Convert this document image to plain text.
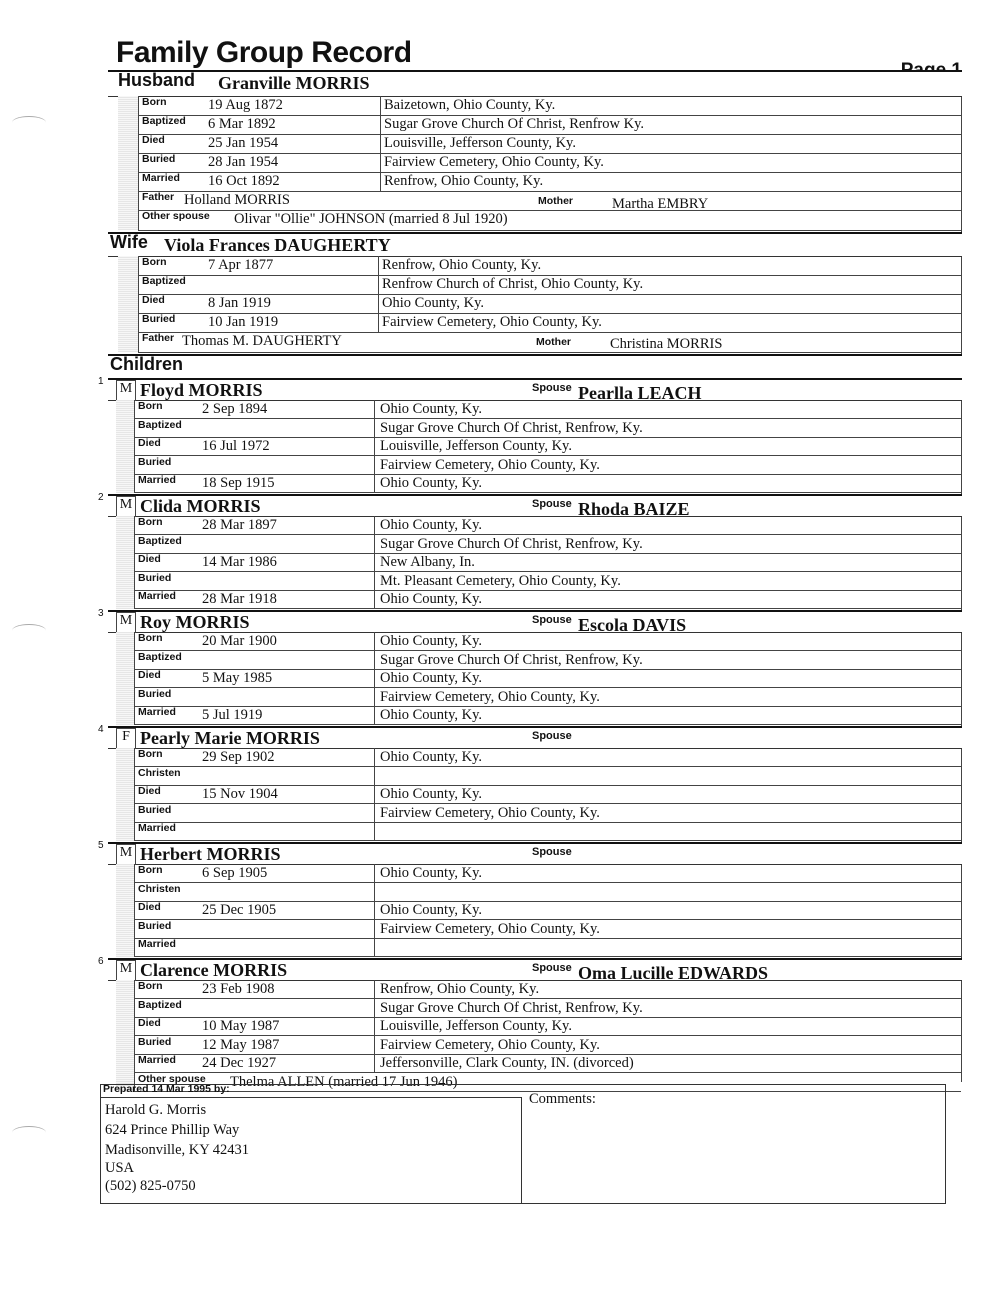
Family Group Record
Husband Granville MORRIS
Born	19 Aug 1872	Baizetown, Ohio County, Ky.
Baptized 6 Mar 1892	Sugar Grove Church Of Christ, Renfrow Ky.
Died	25 Jan 1954	Louisville, Jefferson County, Ky.
Buried 28 Jan 1954	Fairview Cemetery, Ohio County, Ky.
Married 16 Oct 1892	Renfrow, Ohio County, Ky.
Father Holland MORRIS	Mother	Martha EMBRY
Other spouse Olivar "Ollie" JOHNSON (married 8 Jul 1920)
Wife Viola Frances DAUGHERTY
Born	7 Apr 1877	Renfrow, Ohio County, Ky.
Baptized	Renfrow Church of Christ, Ohio County, Ky.
Died	8 Jan 1919	Ohio County, Ky.
Buried 10 Jan 1919	Fairview Cemetery, Ohio County, Ky.
Father Thomas M. DAUGHERTY	Mother	Christina MORRIS
Children
1 M Floyd MORRIS	Spouse Pearlla LEACH
Born	2 Sep 1894	Ohio County, Ky.
Baptized	Sugar Grove Church Of Christ, Renfrow, Ky.
Died	16 Jul 1972	Louisville, Jefferson County, Ky.
Buried	Fairview Cemetery, Ohio County, Ky.
Married 18 Sep 1915	Ohio County, Ky.
2 M Clida MORRIS	Spouse Rhoda BAIZE
Born	28 Mar 1897	Ohio County, Ky.
Baptized	Sugar Grove Church Of Christ, Renfrow, Ky.
Died	14 Mar 1986	New Albany, In.
Buried	Mt. Pleasant Cemetery, Ohio County, Ky.
Married 28 Mar 1918	Ohio County, Ky.
3 M Roy MORRIS	Spouse Escola DAVIS
Born	20 Mar 1900	Ohio County, Ky.
Baptized	Sugar Grove Church Of Christ, Renfrow, Ky.
Died	5 May 1985	Ohio County, Ky.
Buried	Fairview Cemetery, Ohio County, Ky.
Married 5 Jul 1919	Ohio County, Ky.
4	F Pearly Marie MORRIS	Spouse
Born	29 Sep 1902	Ohio County, Ky.
Christen
Died	15 Nov 1904	Ohio County, Ky.
Buried	Fairview Cemetery, Ohio County, Ky.
Married
5 M Herbert MORRIS	Spouse
Born	6 Sep 1905	Ohio County, Ky.
Christen
Died	25 Dec 1905	Ohio County, Ky.
Buried	Fairview Cemetery, Ohio County, Ky.
Married
6 M Clarence MORRIS	Spouse Oma Lucille EDWARDS
Born	23 Feb 1908	Renfrow, Ohio County, Ky.
Baptized	Sugar Grove Church Of Christ, Renfrow, Ky.
Died	10 May 1987	Louisville, Jefferson County, Ky.
Buried 12 May 1987	Fairview Cemetery, Ohio County, Ky.
Married 24 Dec 1927	Jeffersonville, Clark County, IN. (divorced)
Other spouse Thelma ALLEN (married 17 Jun 1946)
Prepared 14 Mar 1995 by:
Harold G. Morris
624 Prince Phillip Way
Madisonville, KY 42431
USA
(502) 825-0750
Comments:
